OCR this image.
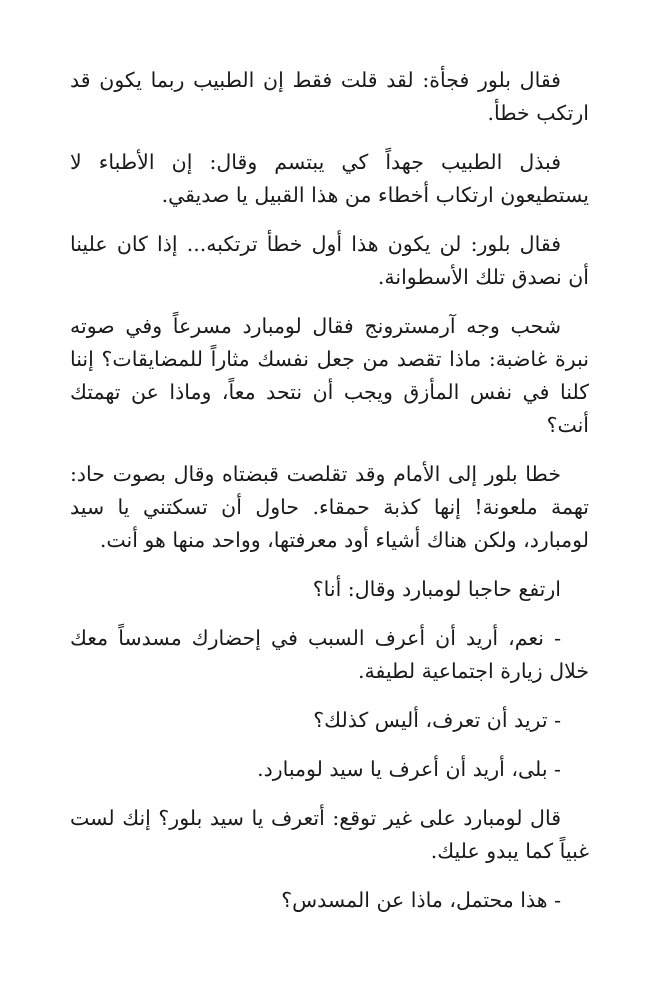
فقال بلور فجأة: لقد قلت فقط إن الطبيب ربما يكون قد ارتكب خطأ.

فبذل الطبيب جهداً كي يبتسم وقال: إن الأطباء لا يستطيعون ارتكاب أخطاء من هذا القبيل يا صديقي.

فقال بلور: لن يكون هذا أول خطأ ترتكبه... إذا كان علينا أن نصدق تلك الأسطوانة.

شحب وجه آرمسترونج فقال لومبارد مسرعاً وفي صوته نبرة غاضبة: ماذا تقصد من جعل نفسك مثاراً للمضايقات؟ إننا كلنا في نفس المأزق ويجب أن نتحد معاً، وماذا عن تهمتك أنت؟

خطا بلور إلى الأمام وقد تقلصت قبضتاه وقال بصوت حاد: تهمة ملعونة! إنها كذبة حمقاء. حاول أن تسكتني يا سيد لومبارد، ولكن هناك أشياء أود معرفتها، وواحد منها هو أنت.

ارتفع حاجبا لومبارد وقال: أنا؟

- نعم، أريد أن أعرف السبب في إحضارك مسدساً معك خلال زيارة اجتماعية لطيفة.

- تريد أن تعرف، أليس كذلك؟

- بلى، أريد أن أعرف يا سيد لومبارد.

قال لومبارد على غير توقع: أتعرف يا سيد بلور؟ إنك لست غبياً كما يبدو عليك.

- هذا محتمل، ماذا عن المسدس؟
